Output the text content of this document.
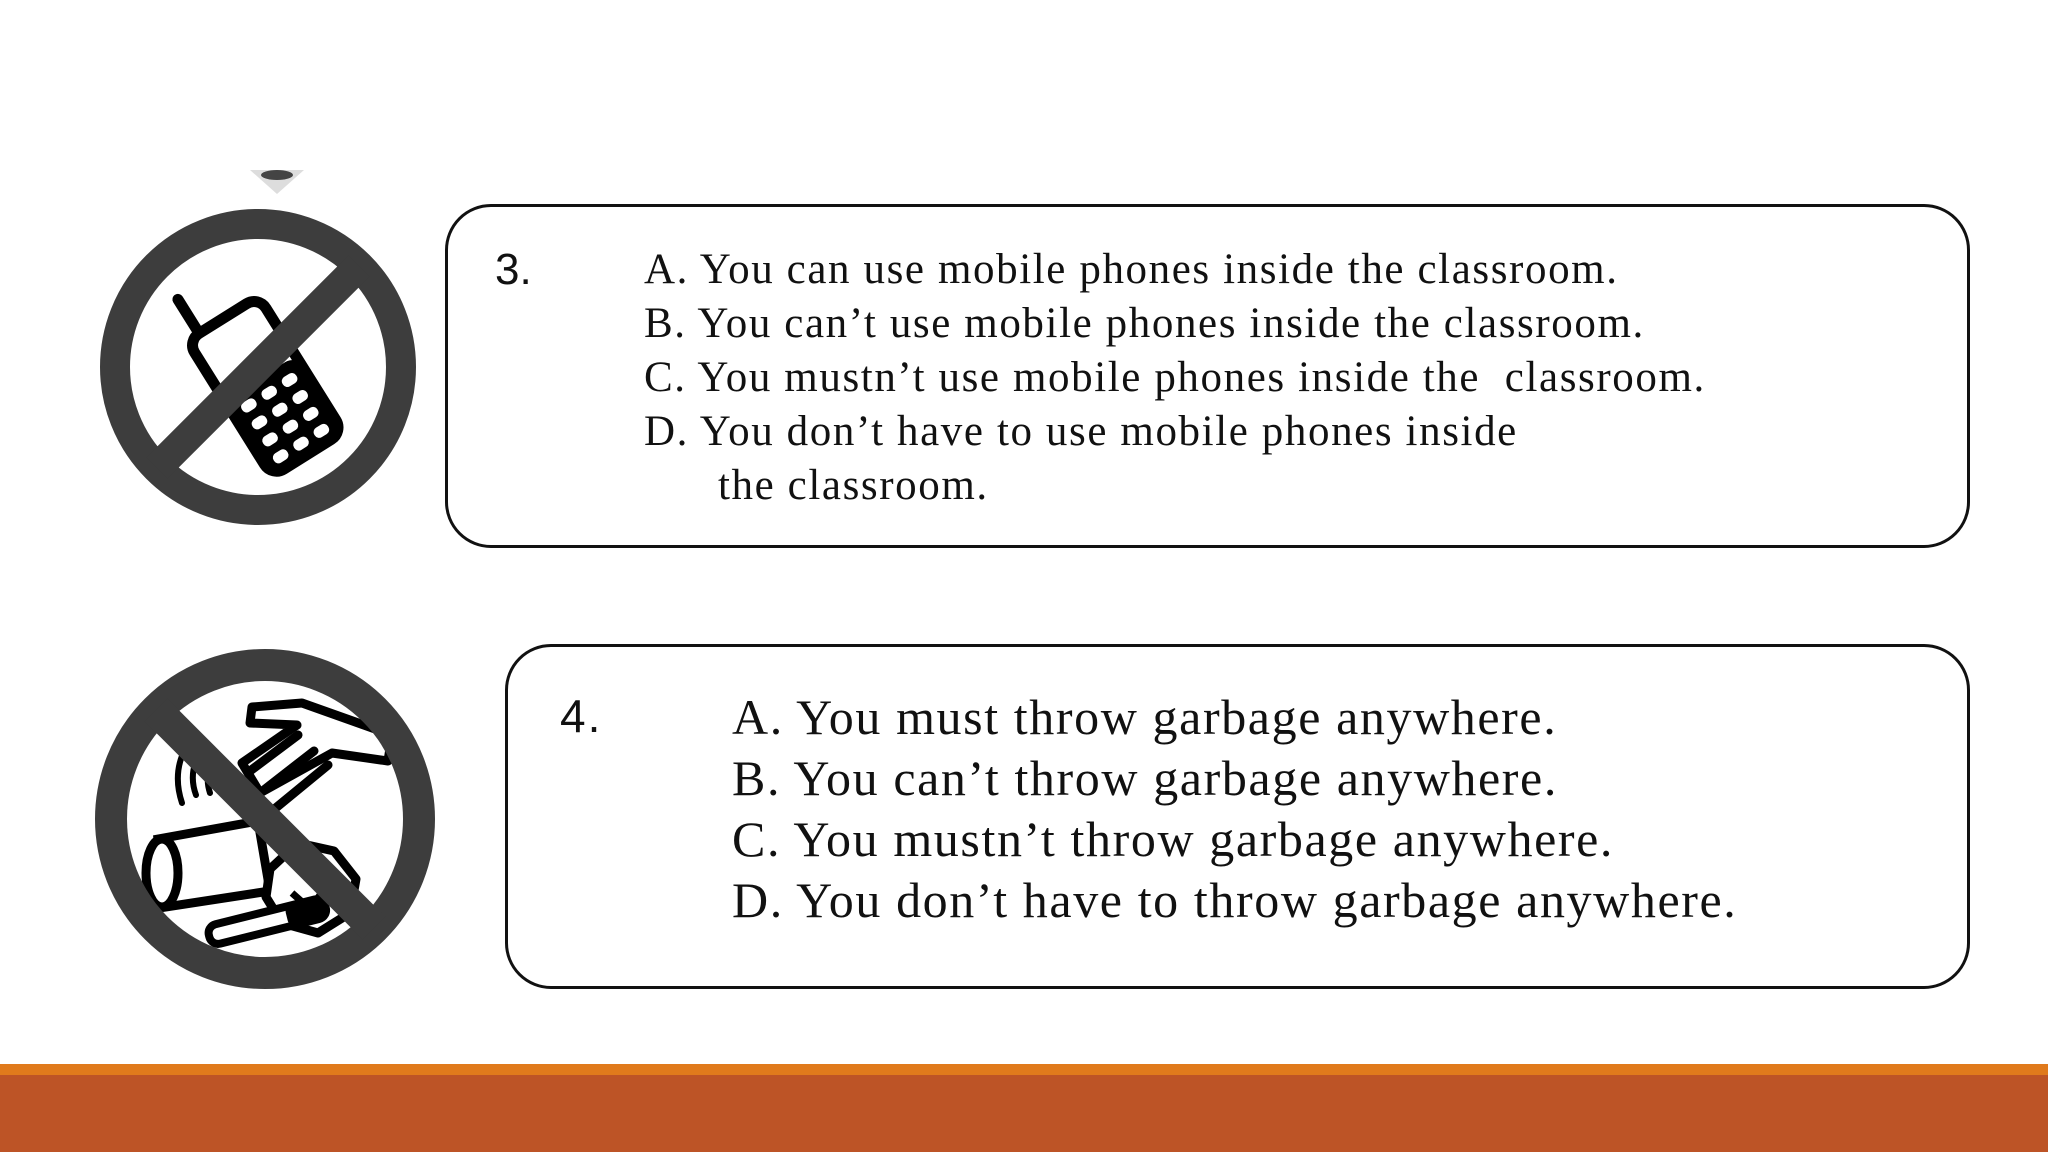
3.	A. You can use mobile phones inside the classroom.
B. You can’t use mobile phones inside the classroom.
C. You mustn’t use mobile phones inside the  classroom.
D. You don’t have to use mobile phones inside
the classroom.
4.	A. You must throw garbage anywhere.
B. You can’t throw garbage anywhere.
C. You mustn’t throw garbage anywhere.
D. You don’t have to throw garbage anywhere.
